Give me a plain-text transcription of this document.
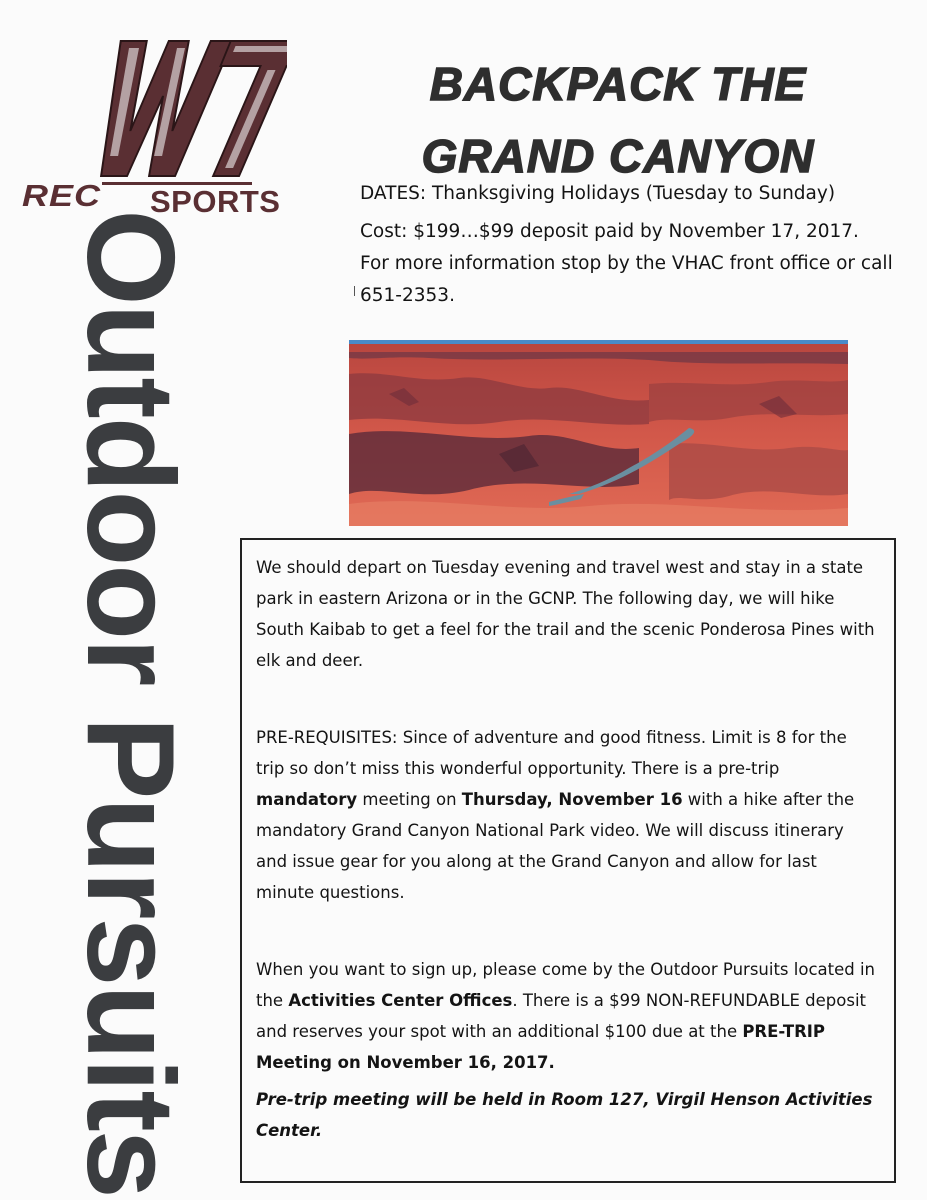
REC SPORTS
Outdoor Pursuits
BACKPACK THE
GRAND CANYON

DATES: Thanksgiving Holidays (Tuesday to Sunday)

Cost: $199…$99 deposit paid by November 17, 2017.

For more information stop by the VHAC front office or call 651-2353.

We should depart on Tuesday evening and travel west and stay in a state park in eastern Arizona or in the GCNP. The following day, we will hike South Kaibab to get a feel for the trail and the scenic Ponderosa Pines with elk and deer.

PRE-REQUISITES: Since of adventure and good fitness. Limit is 8 for the trip so don’t miss this wonderful opportunity. There is a pre-trip mandatory meeting on Thursday, November 16 with a hike after the mandatory Grand Canyon National Park video. We will discuss itinerary and issue gear for you along at the Grand Canyon and allow for last minute questions.

When you want to sign up, please come by the Outdoor Pursuits located in the Activities Center Offices. There is a $99 NON-REFUNDABLE deposit and reserves your spot with an additional $100 due at the PRE-TRIP Meeting on November 16, 2017.

Pre-trip meeting will be held in Room 127, Virgil Henson Activities Center.
